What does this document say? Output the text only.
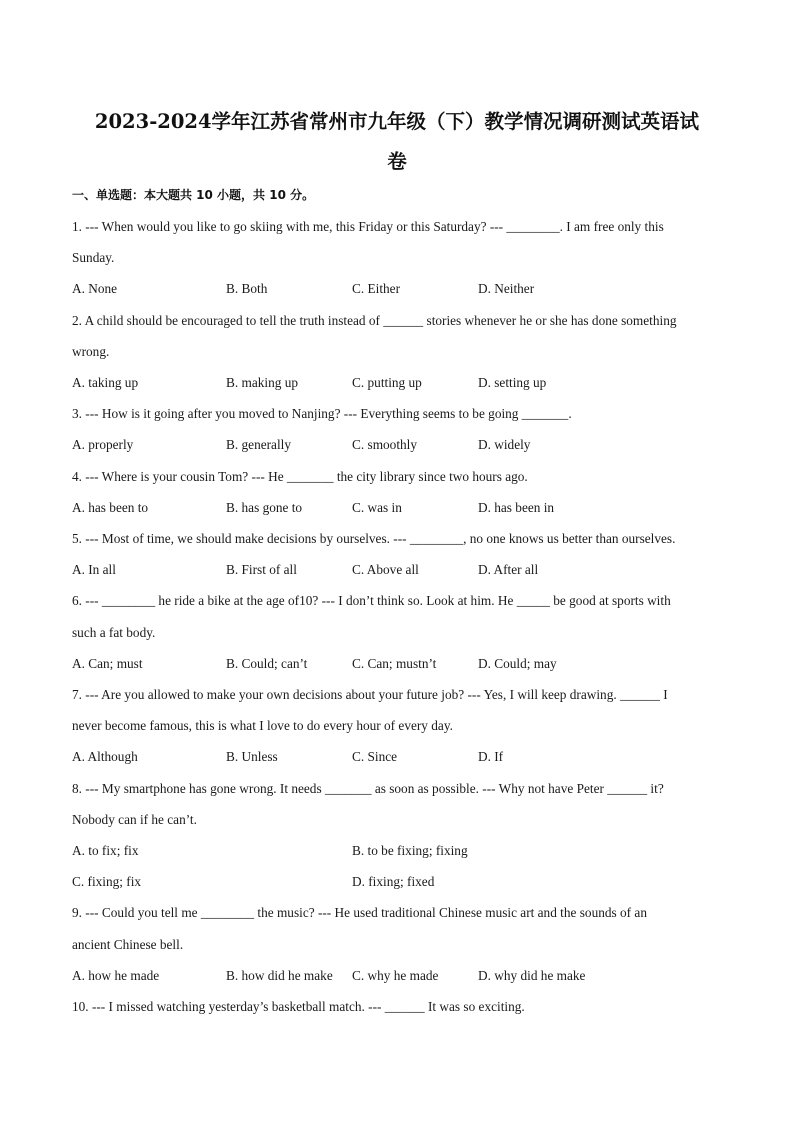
2023-2024学年江苏省常州市九年级（下）教学情况调研测试英语试
卷
一、单选题：本大题共 10 小题，共 10 分。
1. --- When would you like to go skiing with me, this Friday or this Saturday? --- ________. I am free only this
Sunday.
A. None	B. Both	C. Either	D. Neither
2. A child should be encouraged to tell the truth instead of ______ stories whenever he or she has done something
wrong.
A. taking up	B. making up	C. putting up	D. setting up
3. --- How is it going after you moved to Nanjing? --- Everything seems to be going _______.
A. properly	B. generally	C. smoothly	D. widely
4. --- Where is your cousin Tom? --- He _______ the city library since two hours ago.
A. has been to	B. has gone to	C. was in	D. has been in
5. --- Most of time, we should make decisions by ourselves. --- ________, no one knows us better than ourselves.
A. In all	B. First of all	C. Above all	D. After all
6. --- ________ he ride a bike at the age of10? --- I don’t think so. Look at him. He _____ be good at sports with
such a fat body.
A. Can; must	B. Could; can’t	C. Can; mustn’t	D. Could; may
7. --- Are you allowed to make your own decisions about your future job? --- Yes, I will keep drawing. ______ I
never become famous, this is what I love to do every hour of every day.
A. Although	B. Unless	C. Since	D. If
8. --- My smartphone has gone wrong. It needs _______ as soon as possible. --- Why not have Peter ______ it?
Nobody can if he can’t.
A. to fix; fix	B. to be fixing; fixing
C. fixing; fix	D. fixing; fixed
9. --- Could you tell me ________ the music? --- He used traditional Chinese music art and the sounds of an
ancient Chinese bell.
A. how he made	B. how did he make C. why he made	D. why did he make
10. --- I missed watching yesterday’s basketball match. --- ______ It was so exciting.
